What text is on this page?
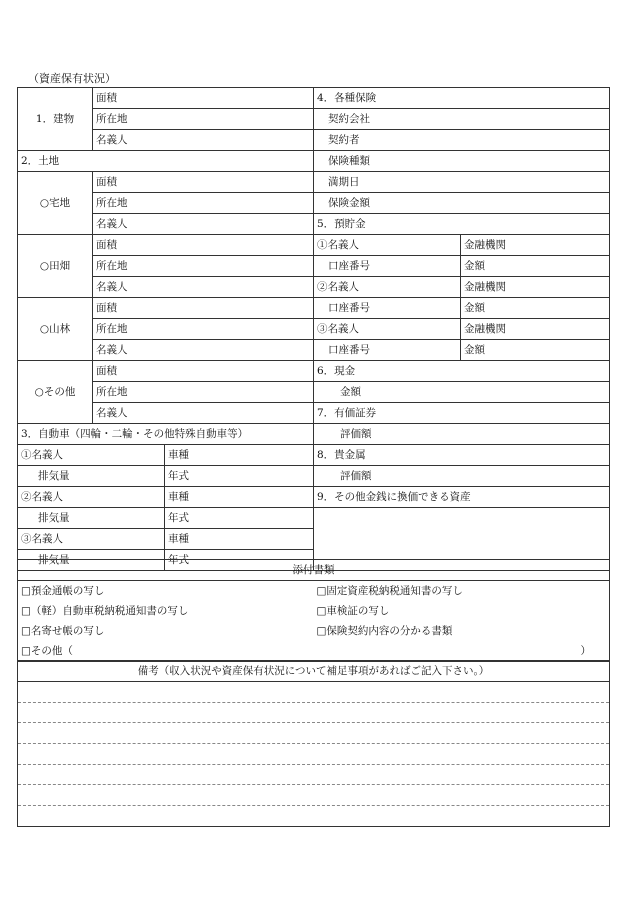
（資産保有状況）
1．建物	面積		4．各種保険	
	所在地		契約会社	
	名義人		契約者	
2．土地			保険種類	
○宅地	面積		満期日	
	所在地		保険金額	
	名義人		5．預貯金	
○田畑	面積		①名義人	金融機関
	所在地		口座番号	金額
	名義人		②名義人	金融機関
○山林	面積		口座番号	金額
	所在地		③名義人	金融機関
	名義人		口座番号	金額
○その他	面積		6．現金	
	所在地		金額	
	名義人		7．有価証券	
3．自動車（四輪・二輪・その他特殊自動車等）			評価額	
①名義人		車種	8．貴金属	
排気量		年式	評価額	
②名義人		車種	9．その他金銭に換価できる資産	
排気量		年式		
③名義人		車種		
排気量		年式		
添付書類	
□預金通帳の写し	□固定資産税納税通知書の写し
□（軽）自動車税納税通知書の写し	□車検証の写し
□名寄せ帳の写し	□保険契約内容の分かる書類

□その他（ ）	
備考（収入状況や資産保有状況について補足事項があればご記入下さい。）
